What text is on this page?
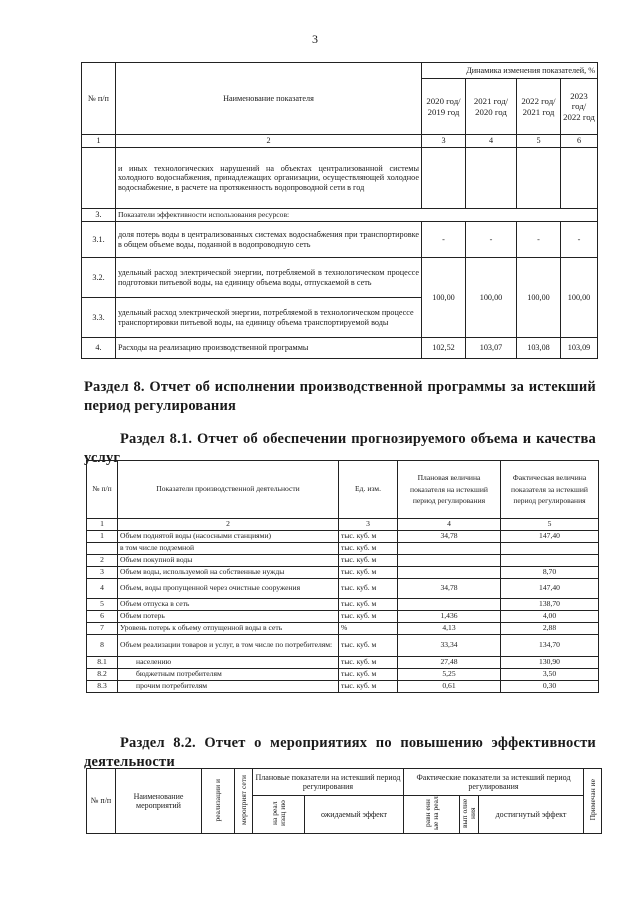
3
№ п/п	Наименование показателя	Динамика изменения показателей, %			
		2020 год/ 2019 год	2021 год/ 2020 год	2022 год/ 2021 год	2023 год/ 2022 год
1	2	3	4	5	6
	и иных технологических нарушений на объектах централизованной системы холодного водоснабжения, принадлежащих организации, осуществляющей холодное водоснабжение, в расчете на протяженность водопроводной сети в год				
3.	Показатели эффективности использования ресурсов:				
3.1.	доля потерь воды в централизованных системах водоснабжения при транспортировке в общем объеме воды, поданной в водопроводную сеть	-	-	-	-
3.2.	удельный расход электрической энергии, потребляемой в технологическом процессе подготовки питьевой воды, на единицу объема воды, отпускаемой в сеть	100,00	100,00	100,00	100,00
3.3.	удельный расход электрической энергии, потребляемой в технологическом процессе транспортировки питьевой воды, на единицу объема транспортируемой воды				
4.	Расходы на реализацию производственной программы	102,52	103,07	103,08	103,09
Раздел 8. Отчет об исполнении производственной программы за истекший период регулирования
Раздел 8.1. Отчет об обеспечении прогнозируемого объема и качества услуг
№ п/п	Показатели производственной деятельности	Ед. изм.	Плановая величина показателя на истекший период регулирования	Фактическая величина показателя за истекший период регулирования
1	2	3	4	5
1	Объем поднятой воды (насосными станциями)	тыс. куб. м	34,78	147,40
	в том числе подземной	тыс. куб. м		
2	Объем покупной воды	тыс. куб. м		
3	Объем воды, используемой на собственные нужды	тыс. куб. м		8,70
4	Объем, воды пропущенной через очистные сооружения	тыс. куб. м	34,78	147,40
5	Объем отпуска в сеть	тыс. куб. м		138,70
6	Объем потерь	тыс. куб. м	1,436	4,00
7	Уровень потерь к объему отпущенной воды в сеть	%	4,13	2,88
8	Объем реализации товаров и услуг, в том числе по потребителям:	тыс. куб. м	33,34	134,70
8.1	населению	тыс. куб. м	27,48	130,90
8.2	бюджетным потребителям	тыс. куб. м	5,25	3,50
8.3	прочим потребителям	тыс. куб. м	0,61	0,30
Раздел 8.2. Отчет о мероприятиях по повышению эффективности деятельности
№ п/п	Наименование мероприятий	реализации и	мероприят сети	Плановые показатели на истекший период регулирования		Фактические показатели за истекший период регулирования			Примечан ие
				на реал изац ию	ожидаемый эффект	равн енн ые на реал	вып олне ния	достигнутый эффект	
